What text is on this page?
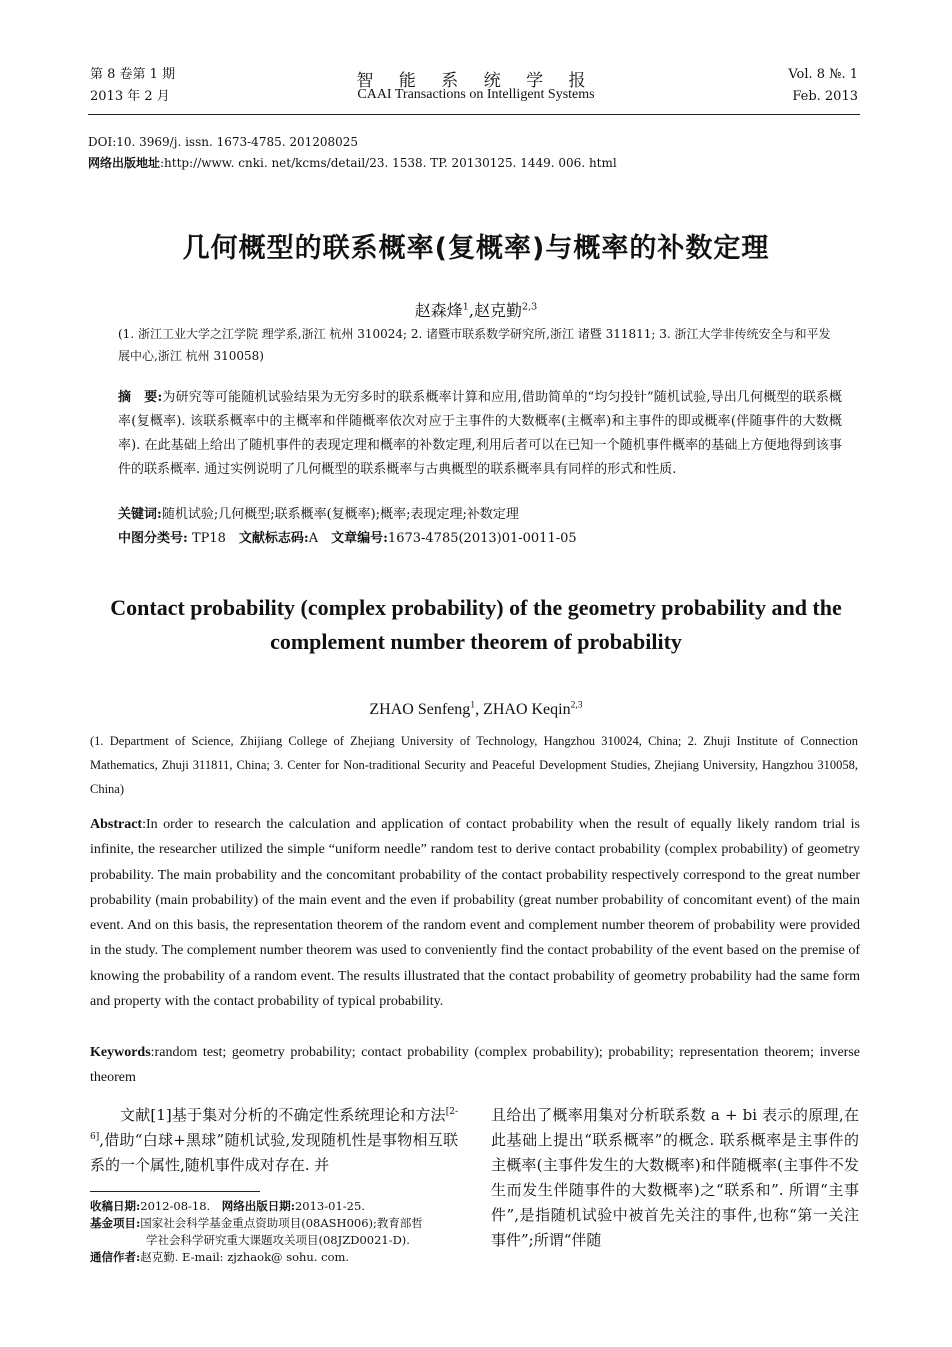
第 8 卷第 1 期
2013 年 2 月
智 能 系 统 学 报
CAAI Transactions on Intelligent Systems
Vol. 8 №. 1
Feb. 2013
DOI:10. 3969/j. issn. 1673-4785. 201208025
网络出版地址:http://www. cnki. net/kcms/detail/23. 1538. TP. 20130125. 1449. 006. html
几何概型的联系概率(复概率)与概率的补数定理
赵森烽$^1$,赵克勤$^{2,3}$
(1. 浙江工业大学之江学院 理学系,浙江 杭州 310024; 2. 诸暨市联系数学研究所,浙江 诸暨 311811; 3. 浙江大学非传统安全与和平发展中心,浙江 杭州 310058)
摘　要:为研究等可能随机试验结果为无穷多时的联系概率计算和应用,借助简单的“均匀投针”随机试验,导出几何概型的联系概率(复概率). 该联系概率中的主概率和伴随概率依次对应于主事件的大数概率(主概率)和主事件的即或概率(伴随事件的大数概率). 在此基础上给出了随机事件的表现定理和概率的补数定理,利用后者可以在已知一个随机事件概率的基础上方便地得到该事件的联系概率. 通过实例说明了几何概型的联系概率与古典概型的联系概率具有同样的形式和性质.
关键词:随机试验;几何概型;联系概率(复概率);概率;表现定理;补数定理
中图分类号: TP18　文献标志码:A　文章编号:1673-4785(2013)01-0011-05
Contact probability (complex probability) of the geometry probability and the complement number theorem of probability
ZHAO Senfeng$^1$, ZHAO Keqin$^{2,3}$
(1. Department of Science, Zhijiang College of Zhejiang University of Technology, Hangzhou 310024, China; 2. Zhuji Institute of Connection Mathematics, Zhuji 311811, China; 3. Center for Non-traditional Security and Peaceful Development Studies, Zhejiang University, Hangzhou 310058, China)
Abstract:In order to research the calculation and application of contact probability when the result of equally likely random trial is infinite, the researcher utilized the simple “uniform needle” random test to derive contact probability (complex probability) of geometry probability. The main probability and the concomitant probability of the contact probability respectively correspond to the great number probability (main probability) of the main event and the even if probability (great number probability of concomitant event) of the main event. And on this basis, the representation theorem of the random event and complement number theorem of probability were provided in the study. The complement number theorem was used to conveniently find the contact probability of the event based on the premise of knowing the probability of a random event. The results illustrated that the contact probability of geometry probability had the same form and property with the contact probability of typical probability.
Keywords:random test; geometry probability; contact probability (complex probability); probability; representation theorem; inverse theorem
文献[1]基于集对分析的不确定性系统理论和方法[2-6],借助“白球+黑球”随机试验,发现随机性是事物相互联系的一个属性,随机事件成对存在. 并
且给出了概率用集对分析联系数 a + bi 表示的原理,在此基础上提出“联系概率”的概念. 联系概率是主事件的主概率(主事件发生的大数概率)和伴随概率(主事件不发生而发生伴随事件的大数概率)之“联系和”. 所谓“主事件”,是指随机试验中被首先关注的事件,也称“第一关注事件”;所谓“伴随
收稿日期:2012-08-18.　网络出版日期:2013-01-25.
基金项目:国家社会科学基金重点资助项目(08ASH006);教育部哲
学社会科学研究重大课题攻关项目(08JZD0021-D).
通信作者:赵克勤. E-mail: zjzhaok@ sohu. com.
